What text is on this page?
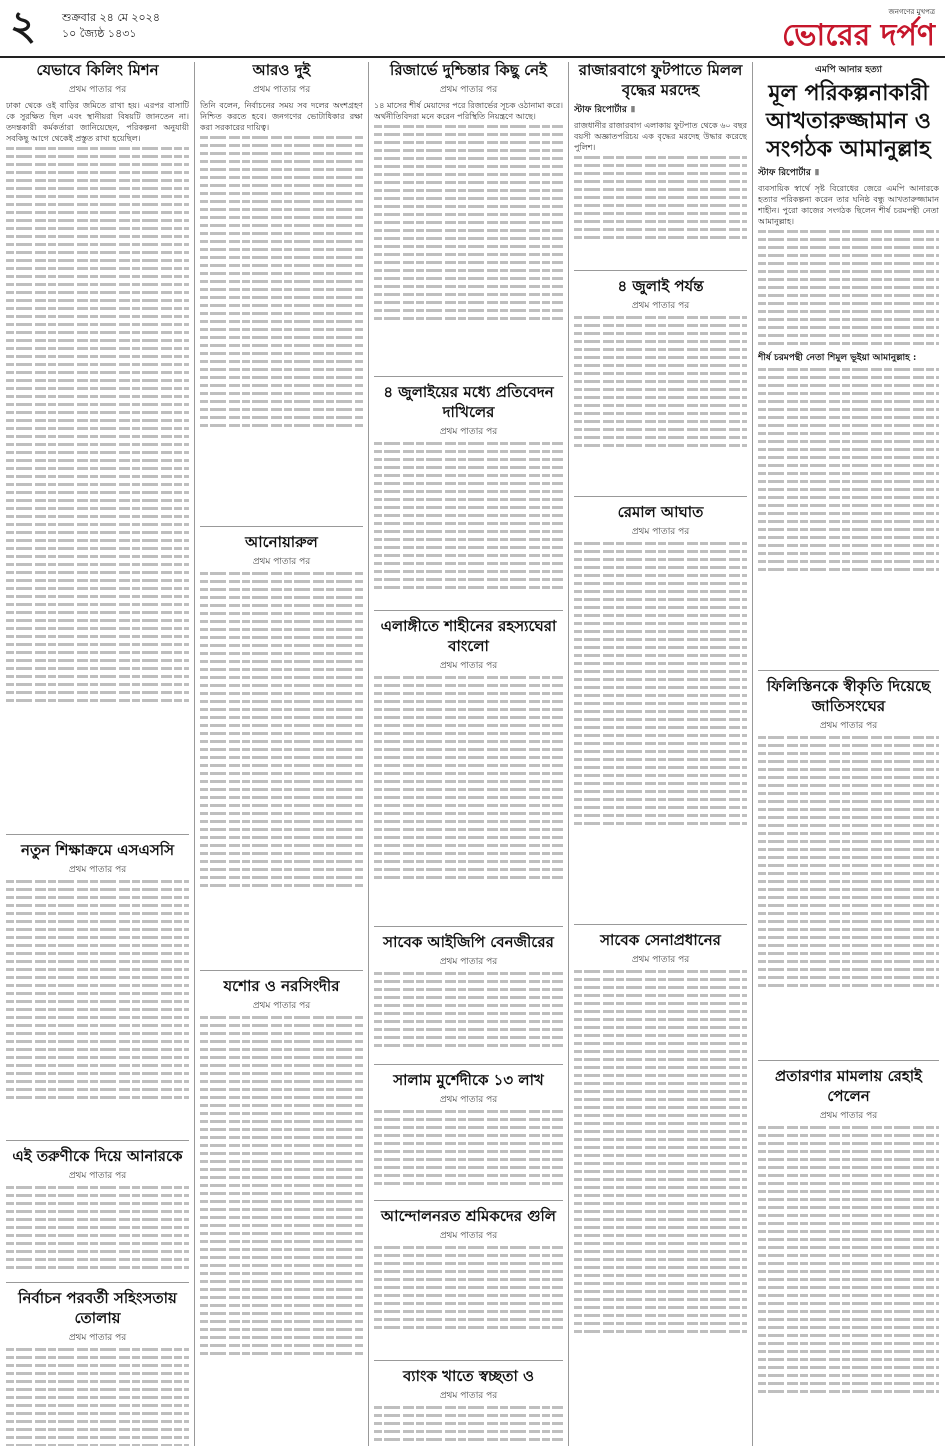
২ শুক্রবার ২৪ মে ২০২৪
১০ জ্যৈষ্ঠ ১৪৩১
জনগণের মুখপত্র
ভোরের দর্পণ
যেভাবে কিলিং মিশন
প্রথম পাতার পর

ঢাকা থেকে ওই বাড়ির জমিতে রাখা হয়। এরপর বাসাটি কে সুরক্ষিত ছিল এবং স্থানীয়রা বিষয়টি জানতেন না। তদন্তকারী কর্মকর্তারা জানিয়েছেন, পরিকল্পনা অনুযায়ী সবকিছু আগে থেকেই প্রস্তুত রাখা হয়েছিল।

নতুন শিক্ষাক্রমে এসএসসি
প্রথম পাতার পর
এই তরুণীকে দিয়ে আনারকে
প্রথম পাতার পর
নির্বাচন পরবর্তী সহিংসতায় তোলায়
প্রথম পাতার পর
আরও দুই
প্রথম পাতার পর

তিনি বলেন, নির্বাচনের সময় সব দলের অংশগ্রহণ নিশ্চিত করতে হবে। জনগণের ভোটাধিকার রক্ষা করা সরকারের দায়িত্ব।

আনোয়ারুল
প্রথম পাতার পর
যশোর ও নরসিংদীর
প্রথম পাতার পর
রিজার্ভে দুশ্চিন্তার কিছু নেই
প্রথম পাতার পর

১৪ মাসের শীর্ষ মেয়াদের পরে রিজার্ভের সূচক ওঠানামা করে। অর্থনীতিবিদরা মনে করেন পরিস্থিতি নিয়ন্ত্রণে আছে।

৪ জুলাইয়ের মধ্যে প্রতিবেদন দাখিলের
প্রথম পাতার পর
এলাঙ্গীতে শাহীনের রহস্যঘেরা বাংলো
প্রথম পাতার পর
সাবেক আইজিপি বেনজীরের
প্রথম পাতার পর
সালাম মুর্শেদীকে ১৩ লাখ
প্রথম পাতার পর
আন্দোলনরত শ্রমিকদের গুলি
প্রথম পাতার পর
ব্যাংক খাতে স্বচ্ছতা ও
প্রথম পাতার পর
রাজারবাগে ফুটপাতে মিলল বৃদ্ধের মরদেহ
স্টাফ রিপোর্টার ॥

রাজধানীর রাজারবাগ এলাকায় ফুটপাত থেকে ৬০ বছর বয়সী অজ্ঞাতপরিচয় এক বৃদ্ধের মরদেহ উদ্ধার করেছে পুলিশ।

৪ জুলাই পর্যন্ত
প্রথম পাতার পর
রেমাল আঘাত
প্রথম পাতার পর
সাবেক সেনাপ্রধানের
প্রথম পাতার পর
এমপি আনার হত্যা
মূল পরিকল্পনাকারী আখতারুজ্জামান ও সংগঠক আমানুল্লাহ
স্টাফ রিপোর্টার ॥

ব্যবসায়িক স্বার্থে সৃষ্ট বিরোধের জেরে এমপি আনারকে হত্যার পরিকল্পনা করেন তার ঘনিষ্ঠ বন্ধু আখতারুজ্জামান শাহীন। পুরো কাজের সংগঠক ছিলেন শীর্ষ চরমপন্থী নেতা আমানুল্লাহ।

শীর্ষ চরমপন্থী নেতা শিমুল ভূইয়া আমানুল্লাহ :
ফিলিস্তিনকে স্বীকৃতি দিয়েছে জাতিসংঘের
প্রথম পাতার পর
প্রতারণার মামলায় রেহাই পেলেন
প্রথম পাতার পর
